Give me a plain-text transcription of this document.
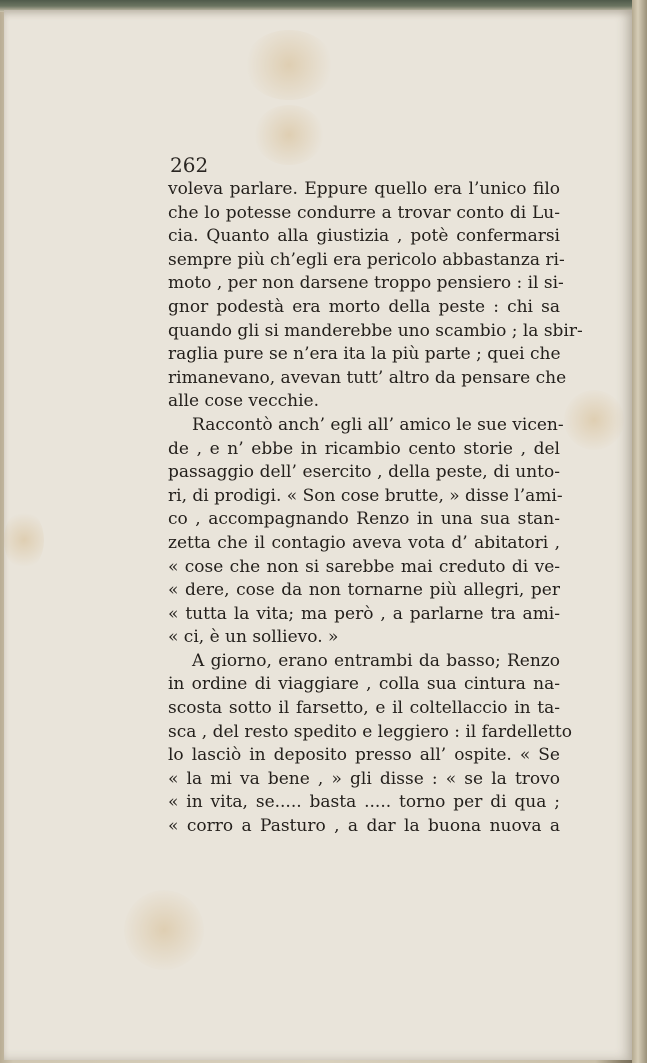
262

voleva parlare. Eppure quello era l’unico filo
che lo potesse condurre a trovar conto di Lu-
cia. Quanto alla giustizia , potè confermarsi
sempre più ch’egli era pericolo abbastanza ri-
moto , per non darsene troppo pensiero : il si-
gnor podestà era morto della peste : chi sa
quando gli si manderebbe uno scambio ; la sbir-
raglia pure se n’era ita la più parte ; quei che
rimanevano, avevan tutt’ altro da pensare che
alle cose vecchie.
Raccontò anch’ egli all’ amico le sue vicen-
de , e n’ ebbe in ricambio cento storie , del
passaggio dell’ esercito , della peste, di unto-
ri, di prodigi. « Son cose brutte, » disse l’ami-
co , accompagnando Renzo in una sua stan-
zetta che il contagio aveva vota d’ abitatori ,
« cose che non si sarebbe mai creduto di ve-
« dere, cose da non tornarne più allegri, per
« tutta la vita; ma però , a parlarne tra ami-
« ci, è un sollievo. »
A giorno, erano entrambi da basso; Renzo
in ordine di viaggiare , colla sua cintura na-
scosta sotto il farsetto, e il coltellaccio in ta-
sca , del resto spedito e leggiero : il fardelletto
lo lasciò in deposito presso all’ ospite. « Se
« la mi va bene , » gli disse : « se la trovo
« in vita, se..... basta ..... torno per di qua ;
« corro a Pasturo , a dar la buona nuova a
